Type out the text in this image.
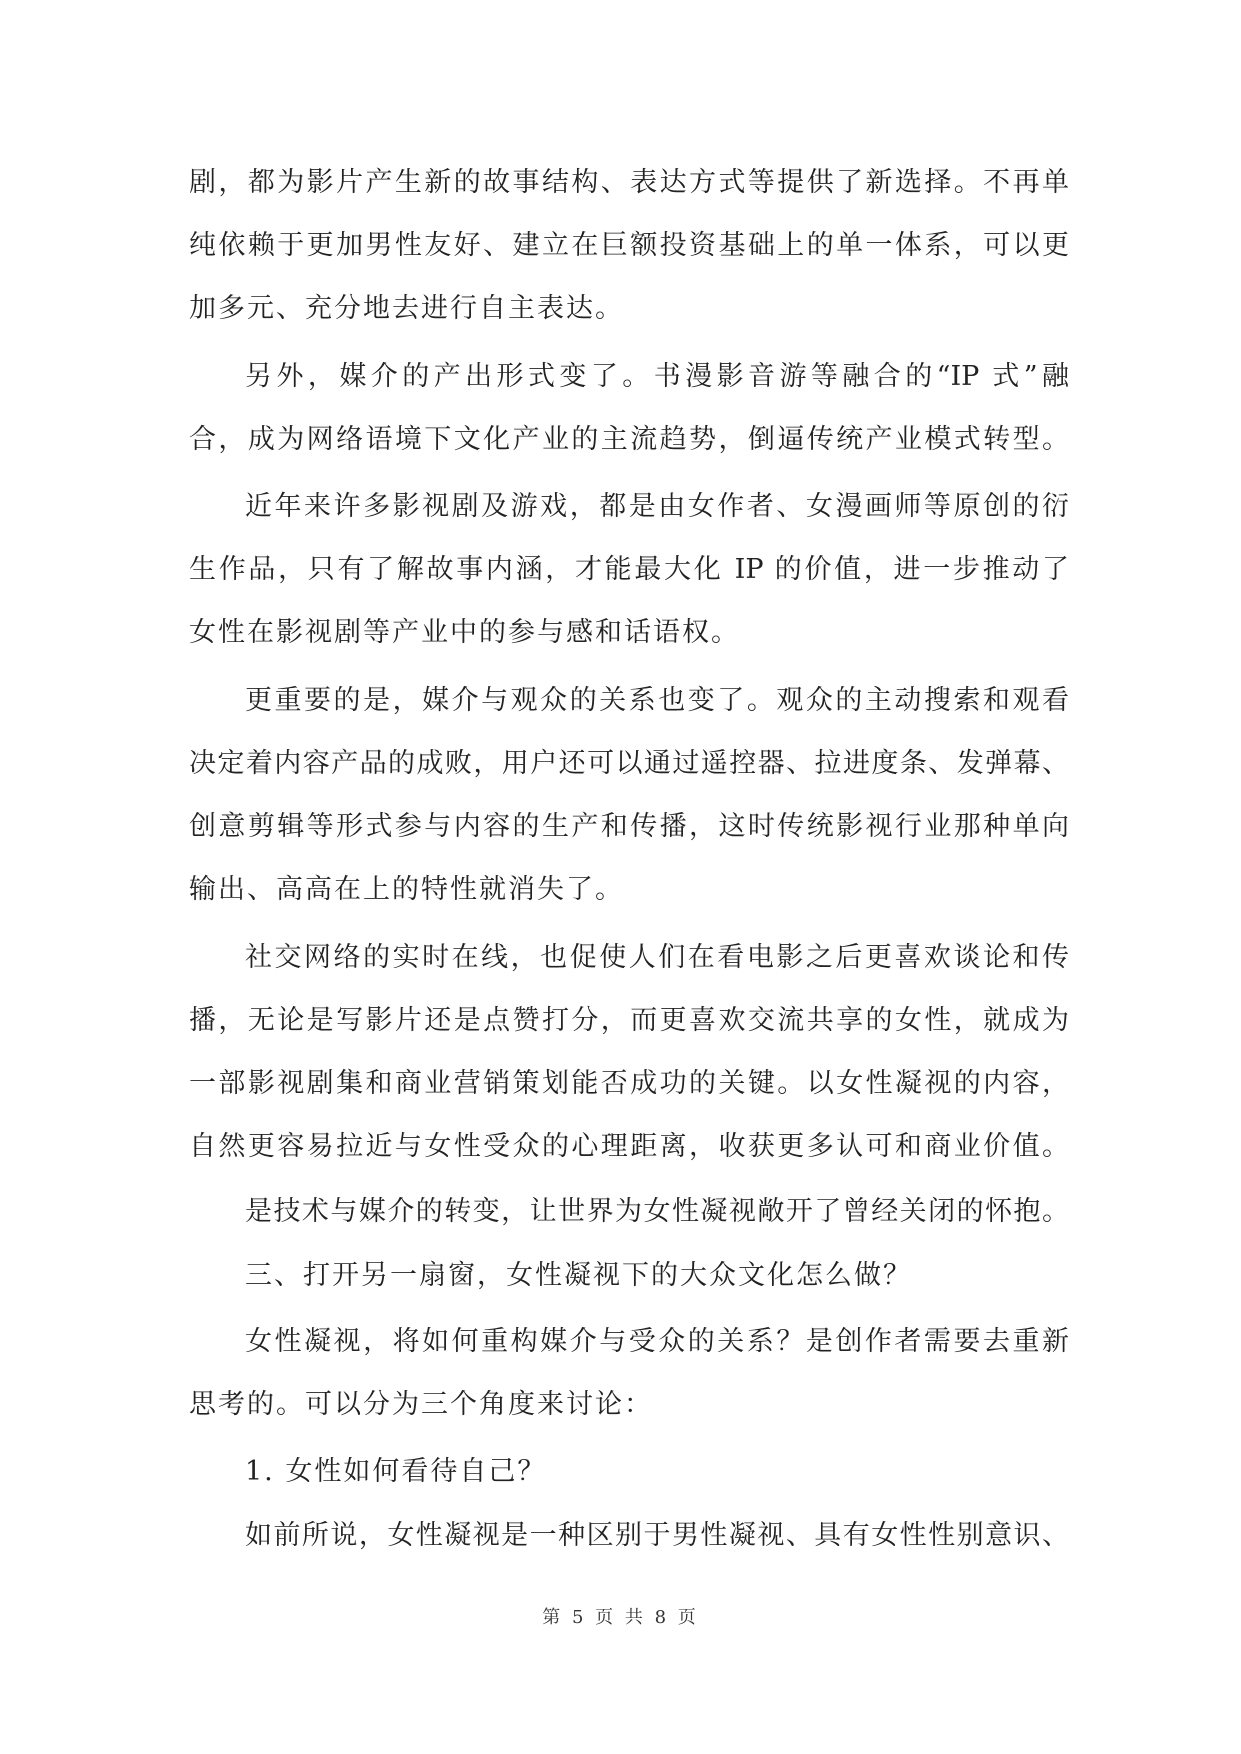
剧，都为影片产生新的故事结构、表达方式等提供了新选择。不再单
纯依赖于更加男性友好、建立在巨额投资基础上的单一体系，可以更
加多元、充分地去进行自主表达。
另外，媒介的产出形式变了。书漫影音游等融合的“IP 式”融
合，成为网络语境下文化产业的主流趋势，倒逼传统产业模式转型。
近年来许多影视剧及游戏，都是由女作者、女漫画师等原创的衍
生作品，只有了解故事内涵，才能最大化 IP 的价值，进一步推动了
女性在影视剧等产业中的参与感和话语权。
更重要的是，媒介与观众的关系也变了。观众的主动搜索和观看
决定着内容产品的成败，用户还可以通过遥控器、拉进度条、发弹幕、
创意剪辑等形式参与内容的生产和传播，这时传统影视行业那种单向
输出、高高在上的特性就消失了。
社交网络的实时在线，也促使人们在看电影之后更喜欢谈论和传
播，无论是写影片还是点赞打分，而更喜欢交流共享的女性，就成为
一部影视剧集和商业营销策划能否成功的关键。以女性凝视的内容，
自然更容易拉近与女性受众的心理距离，收获更多认可和商业价值。
是技术与媒介的转变，让世界为女性凝视敞开了曾经关闭的怀抱。
三、打开另一扇窗，女性凝视下的大众文化怎么做？
女性凝视，将如何重构媒介与受众的关系？是创作者需要去重新
思考的。可以分为三个角度来讨论：
1. 女性如何看待自己？
如前所说，女性凝视是一种区别于男性凝视、具有女性性别意识、
第 5 页 共 8 页
